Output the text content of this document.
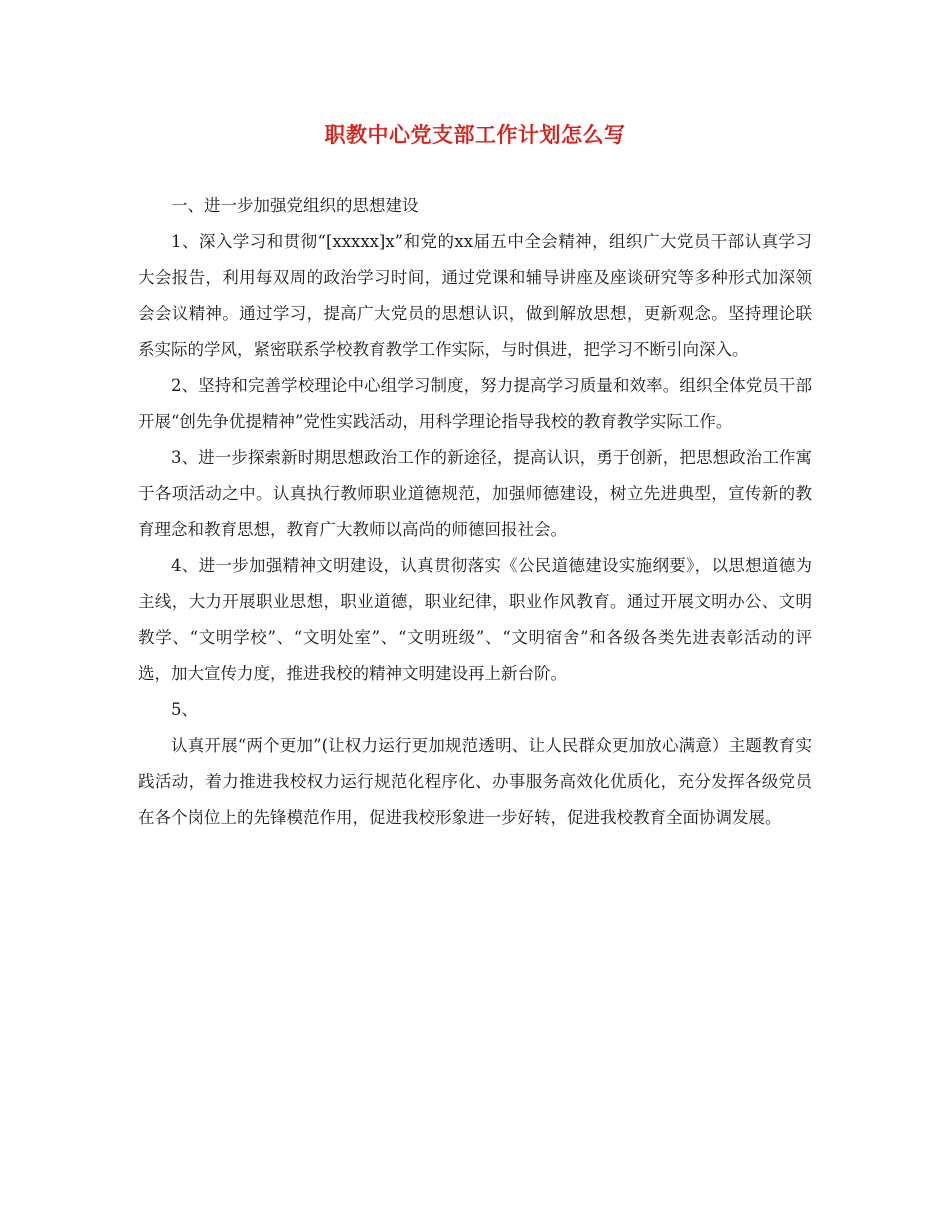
职教中心党支部工作计划怎么写

一、进一步加强党组织的思想建设

1、深入学习和贯彻“[xxxxx]x”和党的xx届五中全会精神，组织广大党员干部认真学习大会报告，利用每双周的政治学习时间，通过党课和辅导讲座及座谈研究等多种形式加深领会会议精神。通过学习，提高广大党员的思想认识，做到解放思想，更新观念。坚持理论联系实际的学风，紧密联系学校教育教学工作实际，与时俱进，把学习不断引向深入。

2、坚持和完善学校理论中心组学习制度，努力提高学习质量和效率。组织全体党员干部开展“创先争优提精神”党性实践活动，用科学理论指导我校的教育教学实际工作。

3、进一步探索新时期思想政治工作的新途径，提高认识，勇于创新，把思想政治工作寓于各项活动之中。认真执行教师职业道德规范，加强师德建设，树立先进典型，宣传新的教育理念和教育思想，教育广大教师以高尚的师德回报社会。

4、进一步加强精神文明建设，认真贯彻落实《公民道德建设实施纲要》，以思想道德为主线，大力开展职业思想，职业道德，职业纪律，职业作风教育。通过开展文明办公、文明教学、“文明学校”、“文明处室”、“文明班级”、“文明宿舍”和各级各类先进表彰活动的评选，加大宣传力度，推进我校的精神文明建设再上新台阶。

5、

认真开展“两个更加”(让权力运行更加规范透明、让人民群众更加放心满意）主题教育实践活动，着力推进我校权力运行规范化程序化、办事服务高效化优质化，充分发挥各级党员在各个岗位上的先锋模范作用，促进我校形象进一步好转，促进我校教育全面协调发展。
